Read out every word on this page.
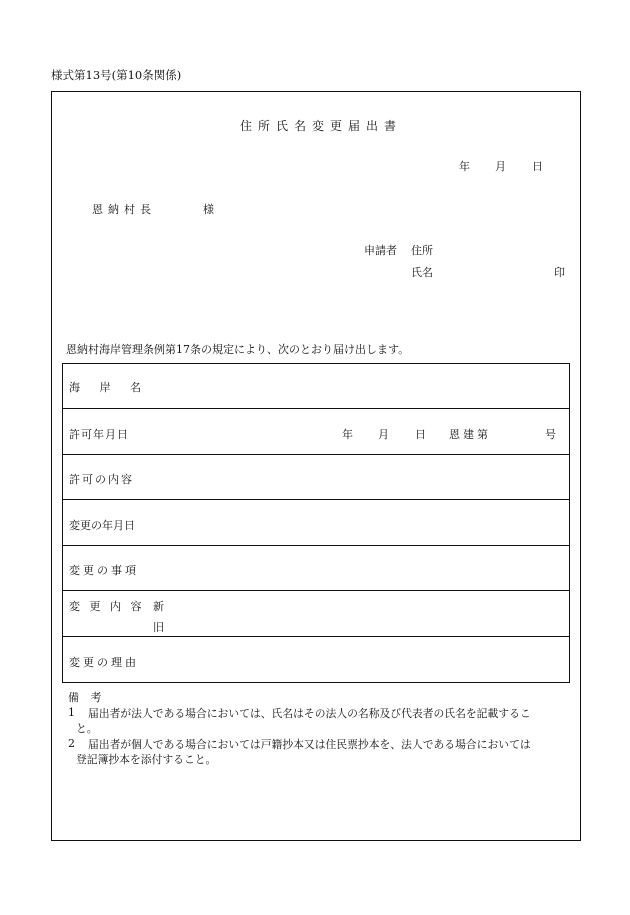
様式第13号(第10条関係)
住所氏名変更届出書
年 月 日
恩納村長	様
申請者 住所
氏名	印
恩納村海岸管理条例第17条の規定により、次のとおり届け出します。
海 岸 名
許可年月日	年 月 日 恩建第	号
許可の内容
変更の年月日
変更の事項
変 更 内 容 新
旧
変更の理由
備 考
1 届出者が法人である場合においては、氏名はその法人の名称及び代表者の氏名を記載するこ
と。
2 届出者が個人である場合においては戸籍抄本又は住民票抄本を、法人である場合においては
登記簿抄本を添付すること。
